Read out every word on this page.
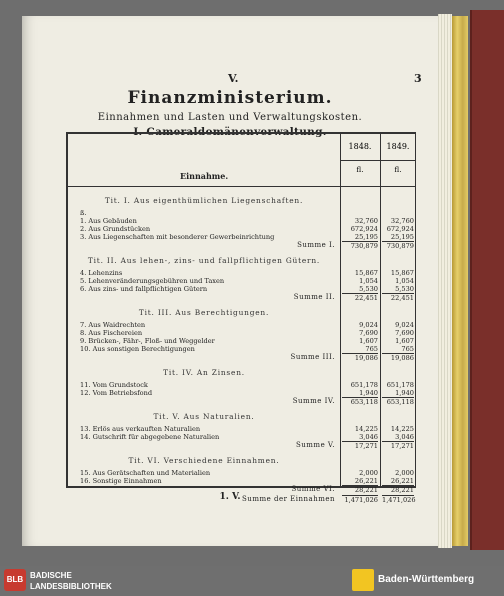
V.	3
Finanzministerium.
Einnahmen und Lasten und Verwaltungskosten.
I. Cameraldomänenverwaltung.
1. V.
1848.	1849.
fl.	fl.
Einnahme.
Tit. I. Aus eigenthümlichen Liegenschaften.
ß.
1. Aus Gebäuden	32,760	32,760
2. Aus Grundstücken	672,924	672,924
3. Aus Liegenschaften mit besonderer Gewerbeinrichtung	25,195	25,195
Summe I.	730,879	730,879
Tit. II. Aus lehen-, zins- und fallpflichtigen Gütern.
4. Lehenzins	15,867	15,867
5. Lehenveränderungsgebühren und Taxen	1,054	1,054
6. Aus zins- und fallpflichtigen Gütern	5,530	5,530
Summe II.	22,451	22,451
Tit. III. Aus Berechtigungen.
7. Aus Waidrechten	9,024	9,024
8. Aus Fischereien	7,690	7,690
9. Brücken-, Fähr-, Floß- und Weggelder	1,607	1,607
10. Aus sonstigen Berechtigungen	765	765
Summe III.	19,086	19,086
Tit. IV. An Zinsen.
11. Vom Grundstock	651,178	651,178
12. Vom Betriebsfond	1,940	1,940
Summe IV.	653,118	653,118
Tit. V. Aus Naturalien.
13. Erlös aus verkauften Naturalien	14,225	14,225
14. Gutschrift für abgegebene Naturalien	3,046	3,046
Summe V.	17,271	17,271
Tit. VI. Verschiedene Einnahmen.
15. Aus Gerätschaften und Materialien	2,000	2,000
16. Sonstige Einnahmen	26,221	26,221
Summe VI.	28,221	28,221
Summe der Einnahmen	1,471,026 1,471,026
BLB BADISCHE
LANDESBIBLIOTHEK
Baden-Württemberg
